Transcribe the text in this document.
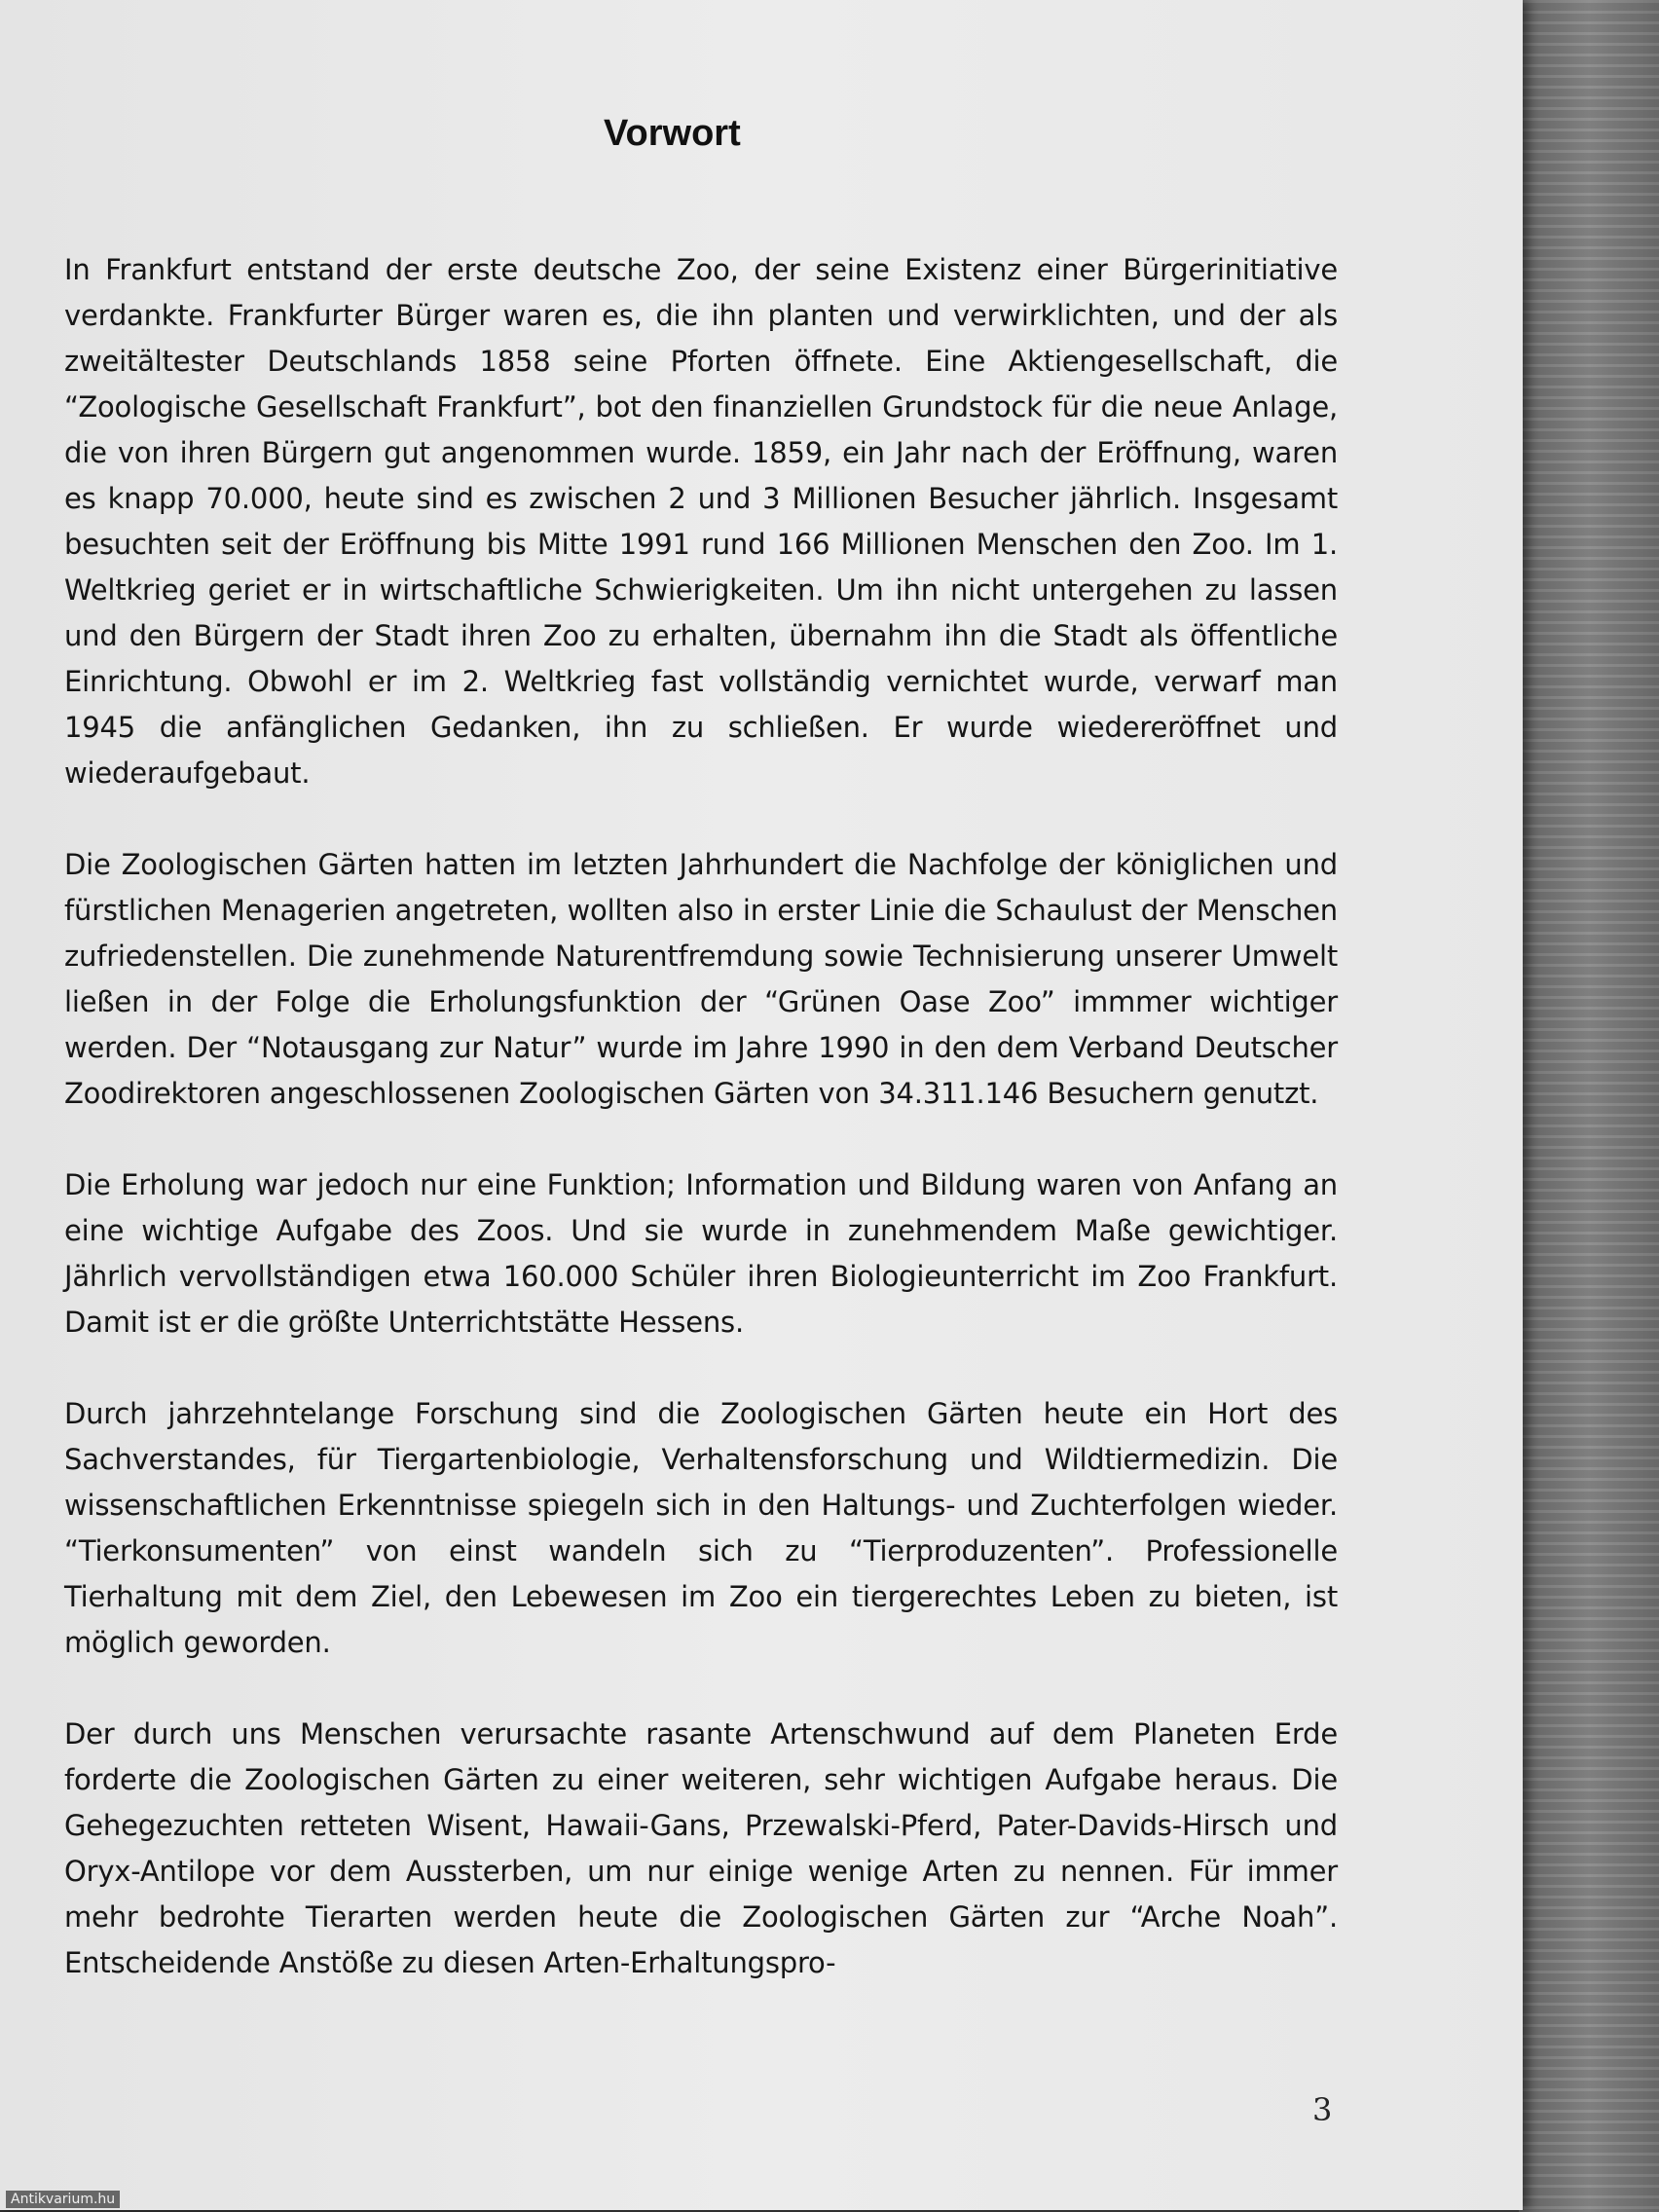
Vorwort

In Frankfurt entstand der erste deutsche Zoo, der seine Existenz einer Bürgerinitiative verdankte. Frankfurter Bürger waren es, die ihn planten und verwirklichten, und der als zweitältester Deutschlands 1858 seine Pforten öffnete. Eine Aktiengesellschaft, die “Zoologische Gesellschaft Frankfurt”, bot den finanziellen Grundstock für die neue Anlage, die von ihren Bürgern gut angenommen wurde. 1859, ein Jahr nach der Eröffnung, waren es knapp 70.000, heute sind es zwischen 2 und 3 Millionen Besucher jährlich. Insgesamt besuchten seit der Eröffnung bis Mitte 1991 rund 166 Millionen Menschen den Zoo. Im 1. Weltkrieg geriet er in wirtschaftliche Schwierigkeiten. Um ihn nicht untergehen zu lassen und den Bürgern der Stadt ihren Zoo zu erhalten, übernahm ihn die Stadt als öffentliche Einrichtung. Obwohl er im 2. Weltkrieg fast vollständig vernichtet wurde, verwarf man 1945 die anfänglichen Gedanken, ihn zu schließen. Er wurde wiedereröffnet und wiederaufgebaut.

Die Zoologischen Gärten hatten im letzten Jahrhundert die Nachfolge der königlichen und fürstlichen Menagerien angetreten, wollten also in erster Linie die Schaulust der Menschen zufriedenstellen. Die zunehmende Naturentfremdung sowie Technisierung unserer Umwelt ließen in der Folge die Erholungsfunktion der “Grünen Oase Zoo” immmer wichtiger werden. Der “Notausgang zur Natur” wurde im Jahre 1990 in den dem Verband Deutscher Zoodirektoren angeschlossenen Zoologischen Gärten von 34.311.146 Besuchern genutzt.

Die Erholung war jedoch nur eine Funktion; Information und Bildung waren von Anfang an eine wichtige Aufgabe des Zoos. Und sie wurde in zunehmendem Maße gewichtiger. Jährlich vervollständigen etwa 160.000 Schüler ihren Biologieunterricht im Zoo Frankfurt. Damit ist er die größte Unterrichtstätte Hessens.

Durch jahrzehntelange Forschung sind die Zoologischen Gärten heute ein Hort des Sachverstandes, für Tiergartenbiologie, Verhaltensforschung und Wildtiermedizin. Die wissenschaftlichen Erkenntnisse spiegeln sich in den Haltungs- und Zuchterfolgen wieder. “Tierkonsumenten” von einst wandeln sich zu “Tierproduzenten”. Professionelle Tierhaltung mit dem Ziel, den Lebewesen im Zoo ein tiergerechtes Leben zu bieten, ist möglich geworden.

Der durch uns Menschen verursachte rasante Artenschwund auf dem Planeten Erde forderte die Zoologischen Gärten zu einer weiteren, sehr wichtigen Aufgabe heraus. Die Gehegezuchten retteten Wisent, Hawaii-Gans, Przewalski-Pferd, Pater-Davids-Hirsch und Oryx-Antilope vor dem Aussterben, um nur einige wenige Arten zu nennen. Für immer mehr bedrohte Tierarten werden heute die Zoologischen Gärten zur “Arche Noah”. Entscheidende Anstöße zu diesen Arten-Erhaltungspro-

3
Antikvarium.hu
